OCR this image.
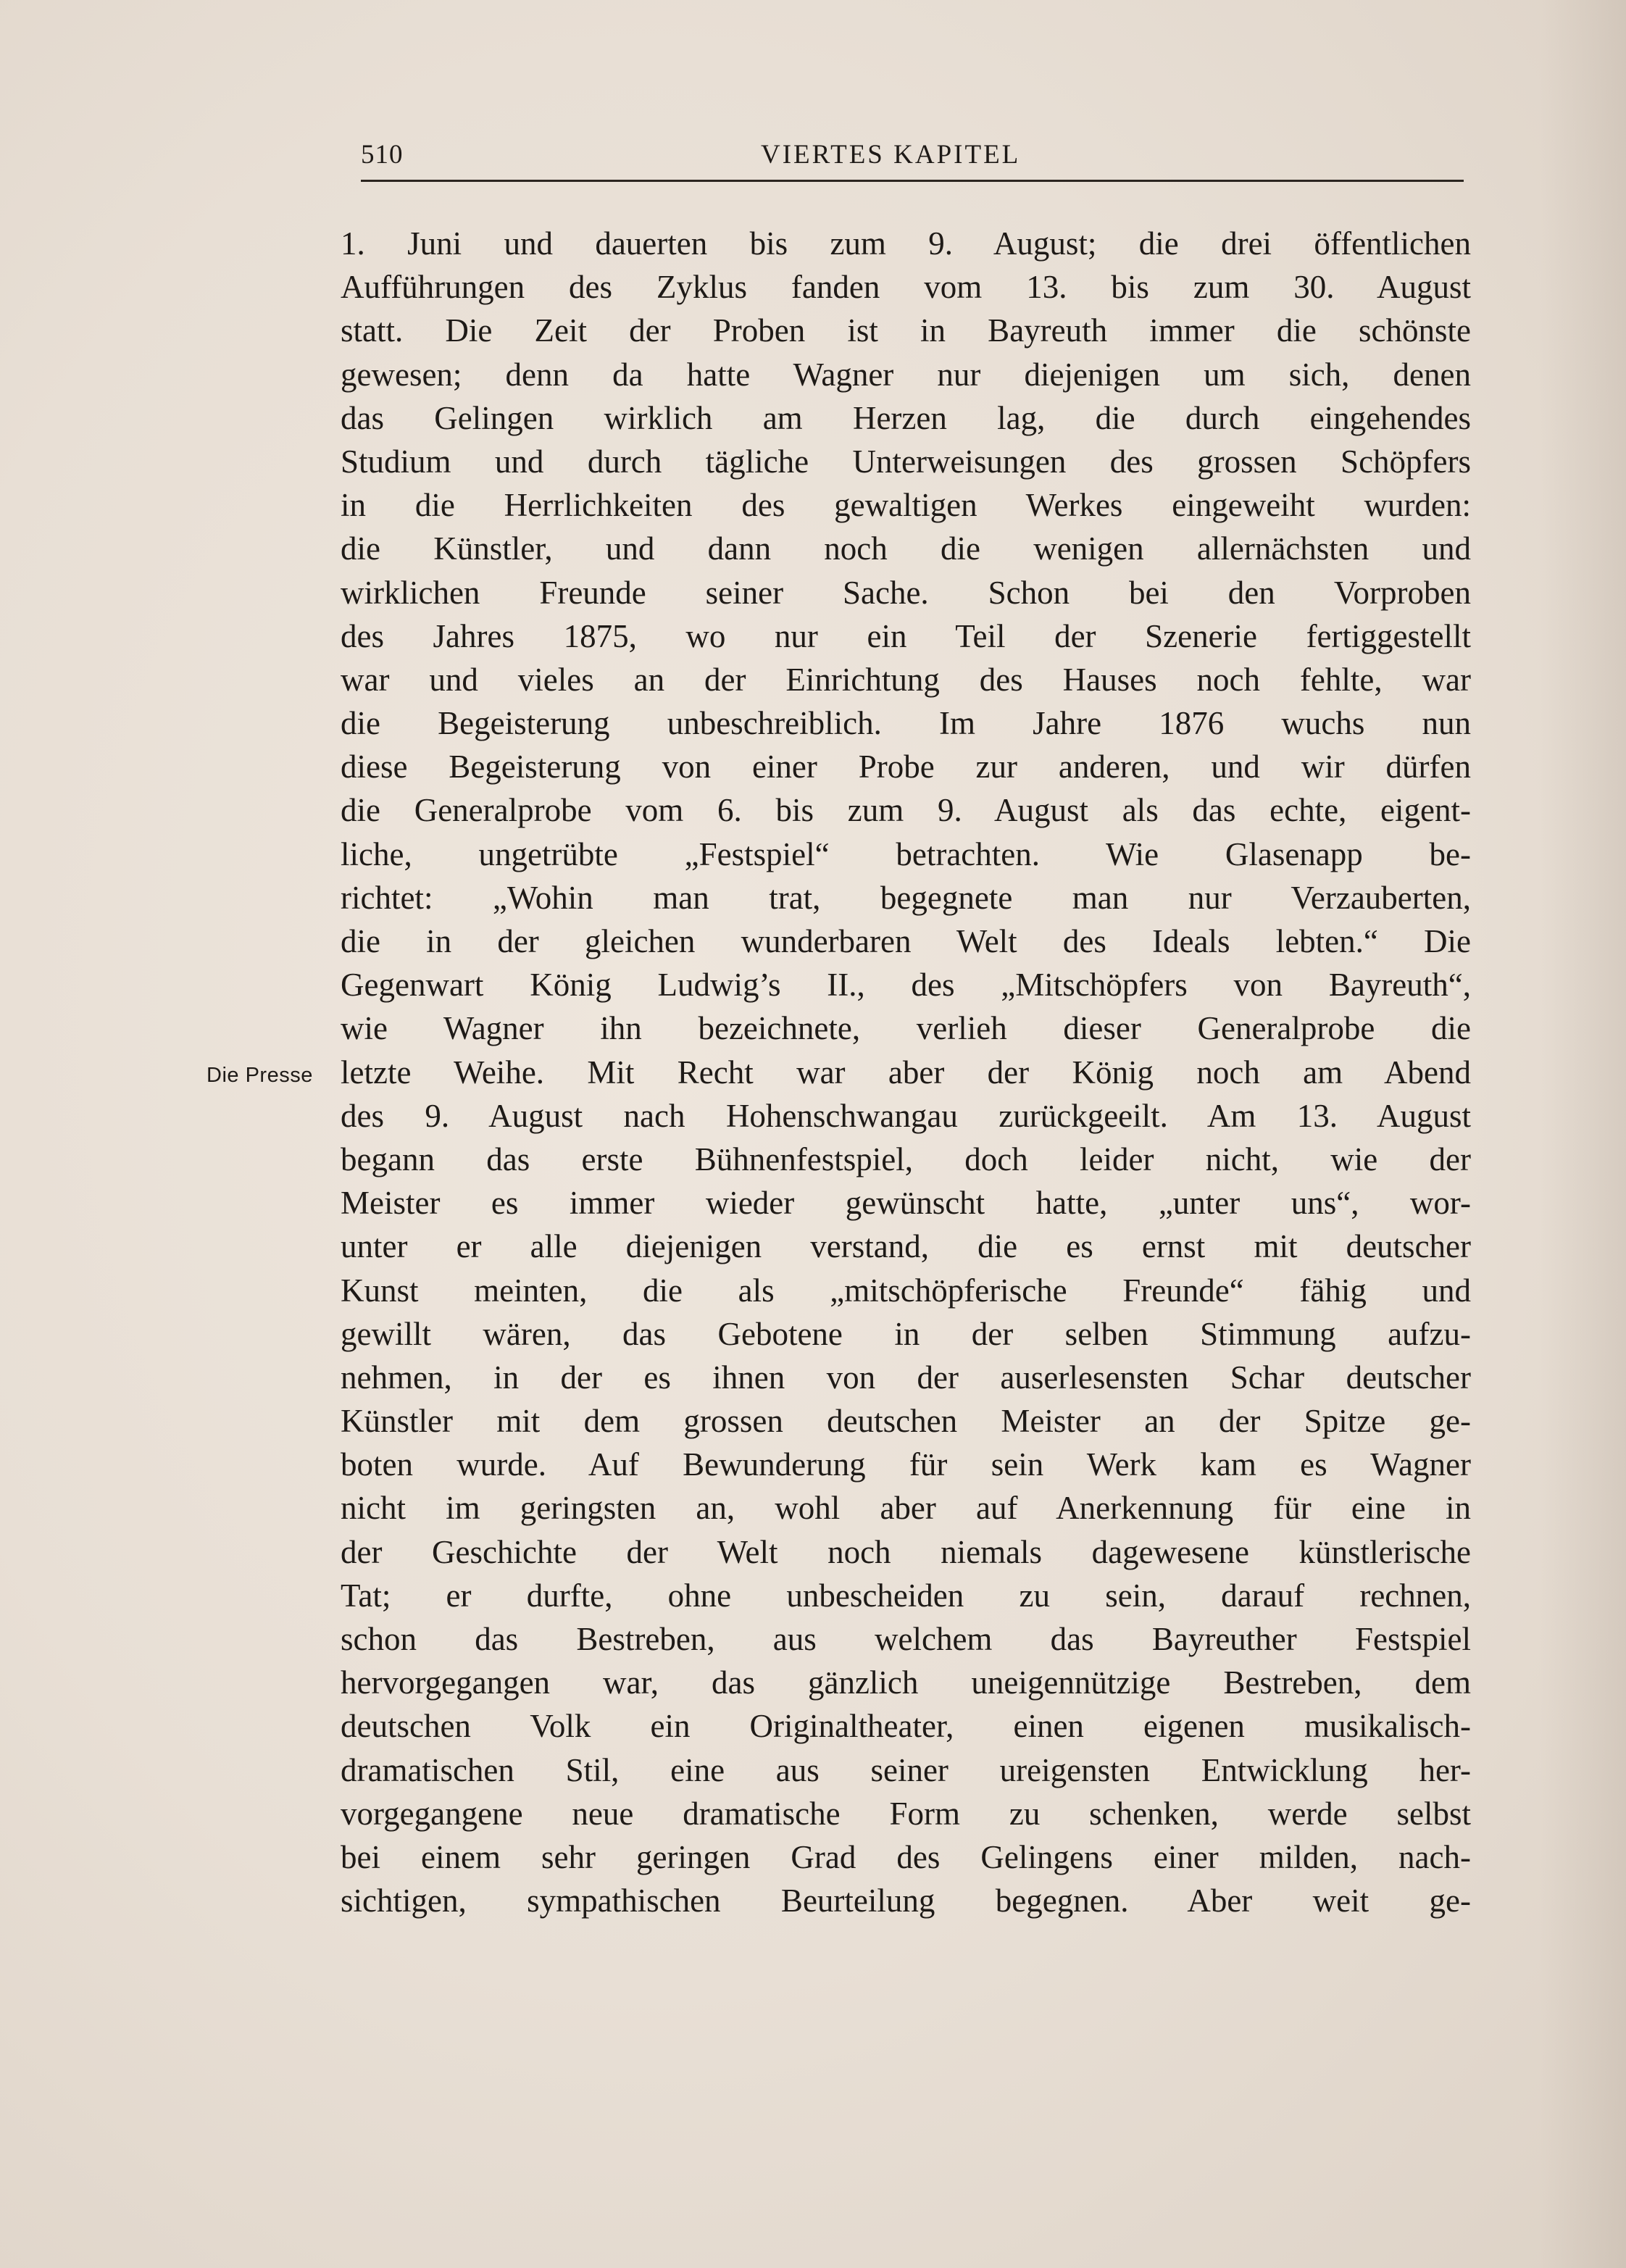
510	VIERTES KAPITEL
Die Presse
1. Juni und dauerten bis zum 9. August; die drei öffentlichen
Aufführungen des Zyklus fanden vom 13. bis zum 30. August
statt. Die Zeit der Proben ist in Bayreuth immer die schönste
gewesen; denn da hatte Wagner nur diejenigen um sich, denen
das Gelingen wirklich am Herzen lag, die durch eingehendes
Studium und durch tägliche Unterweisungen des grossen Schöpfers
in die Herrlichkeiten des gewaltigen Werkes eingeweiht wurden:
die Künstler, und dann noch die wenigen allernächsten und
wirklichen Freunde seiner Sache. Schon bei den Vorproben
des Jahres 1875, wo nur ein Teil der Szenerie fertiggestellt
war und vieles an der Einrichtung des Hauses noch fehlte, war
die Begeisterung unbeschreiblich. Im Jahre 1876 wuchs nun
diese Begeisterung von einer Probe zur anderen, und wir dürfen
die Generalprobe vom 6. bis zum 9. August als das echte, eigent-
liche, ungetrübte „Festspiel“ betrachten. Wie Glasenapp be-
richtet: „Wohin man trat, begegnete man nur Verzauberten,
die in der gleichen wunderbaren Welt des Ideals lebten.“ Die
Gegenwart König Ludwig’s II., des „Mitschöpfers von Bayreuth“,
wie Wagner ihn bezeichnete, verlieh dieser Generalprobe die
letzte Weihe. Mit Recht war aber der König noch am Abend
des 9. August nach Hohenschwangau zurückgeeilt. Am 13. August
begann das erste Bühnenfestspiel, doch leider nicht, wie der
Meister es immer wieder gewünscht hatte, „unter uns“, wor-
unter er alle diejenigen verstand, die es ernst mit deutscher
Kunst meinten, die als „mitschöpferische Freunde“ fähig und
gewillt wären, das Gebotene in der selben Stimmung aufzu-
nehmen, in der es ihnen von der auserlesensten Schar deutscher
Künstler mit dem grossen deutschen Meister an der Spitze ge-
boten wurde. Auf Bewunderung für sein Werk kam es Wagner
nicht im geringsten an, wohl aber auf Anerkennung für eine in
der Geschichte der Welt noch niemals dagewesene künstlerische
Tat; er durfte, ohne unbescheiden zu sein, darauf rechnen,
schon das Bestreben, aus welchem das Bayreuther Festspiel
hervorgegangen war, das gänzlich uneigennützige Bestreben, dem
deutschen Volk ein Originaltheater, einen eigenen musikalisch-
dramatischen Stil, eine aus seiner ureigensten Entwicklung her-
vorgegangene neue dramatische Form zu schenken, werde selbst
bei einem sehr geringen Grad des Gelingens einer milden, nach-
sichtigen, sympathischen Beurteilung begegnen. Aber weit ge-
